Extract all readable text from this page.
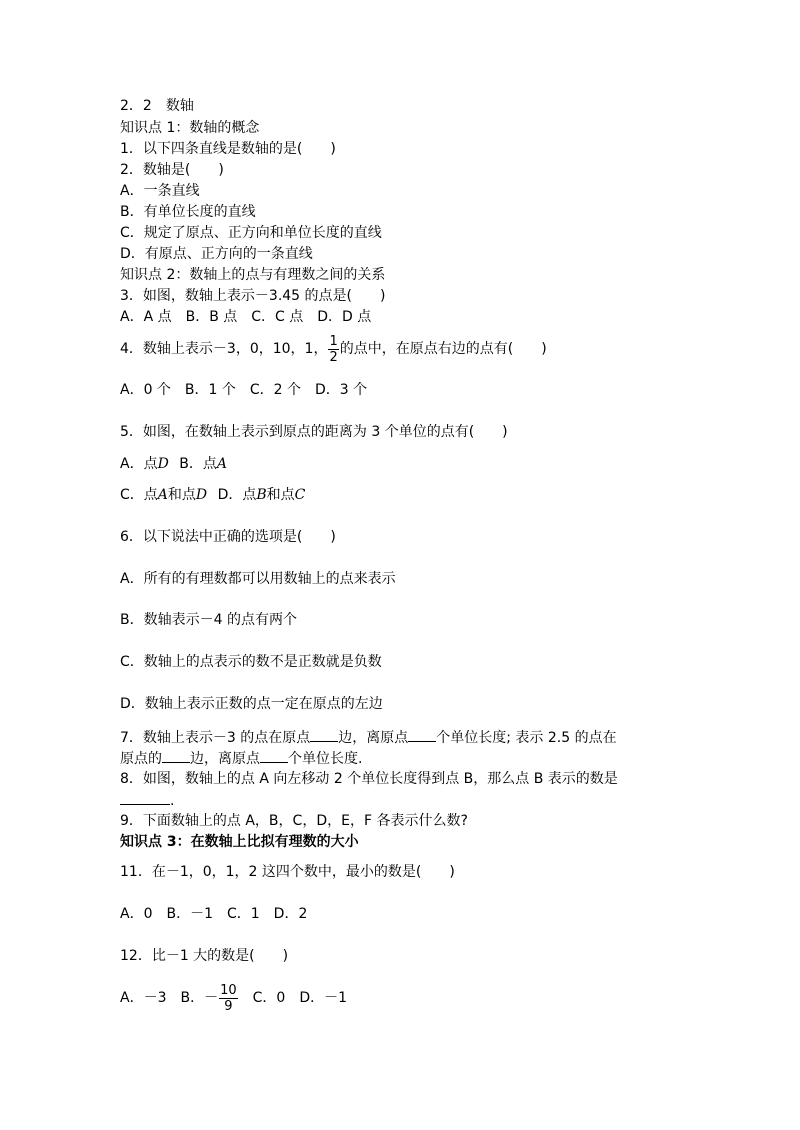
2．2　数轴
知识点 1：数轴的概念
1．以下四条直线是数轴的是(　　)
2．数轴是(　　)
A．一条直线
B．有单位长度的直线
C．规定了原点、正方向和单位长度的直线
D．有原点、正方向的一条直线
知识点 2：数轴上的点与有理数之间的关系
3．如图，数轴上表示－3.45 的点是(　　)
A．A 点　B．B 点　C．C 点　D．D 点
4．数轴上表示－3，0，10，1， $\frac{1}{2}$ 的点中，在原点右边的点有(　　)
A．0 个　B．1 个　C．2 个　D．3 个
5．如图，在数轴上表示到原点的距离为 3 个单位的点有(　　)
A．点D B．点A
C．点A和点D D．点B和点C
6．以下说法中正确的选项是(　　)
A．所有的有理数都可以用数轴上的点来表示
B．数轴表示－4 的点有两个
C．数轴上的点表示的数不是正数就是负数
D．数轴上表示正数的点一定在原点的左边
7．数轴上表示－3 的点在原点 边，离原点 个单位长度; 表示 2.5 的点在
原点的 边，离原点 个单位长度.
8．如图，数轴上的点 A 向左移动 2 个单位长度得到点 B，那么点 B 表示的数是
.
9．下面数轴上的点 A，B，C，D，E，F 各表示什么数?
知识点 3：在数轴上比拟有理数的大小
11．在－1，0，1，2 这四个数中，最小的数是(　　)
A．0　B．－1　C．1　D．2
12．比－1 大的数是(　　)
A．－3　B．－ $\frac{10}{9}$ 　C．0　D．－1
